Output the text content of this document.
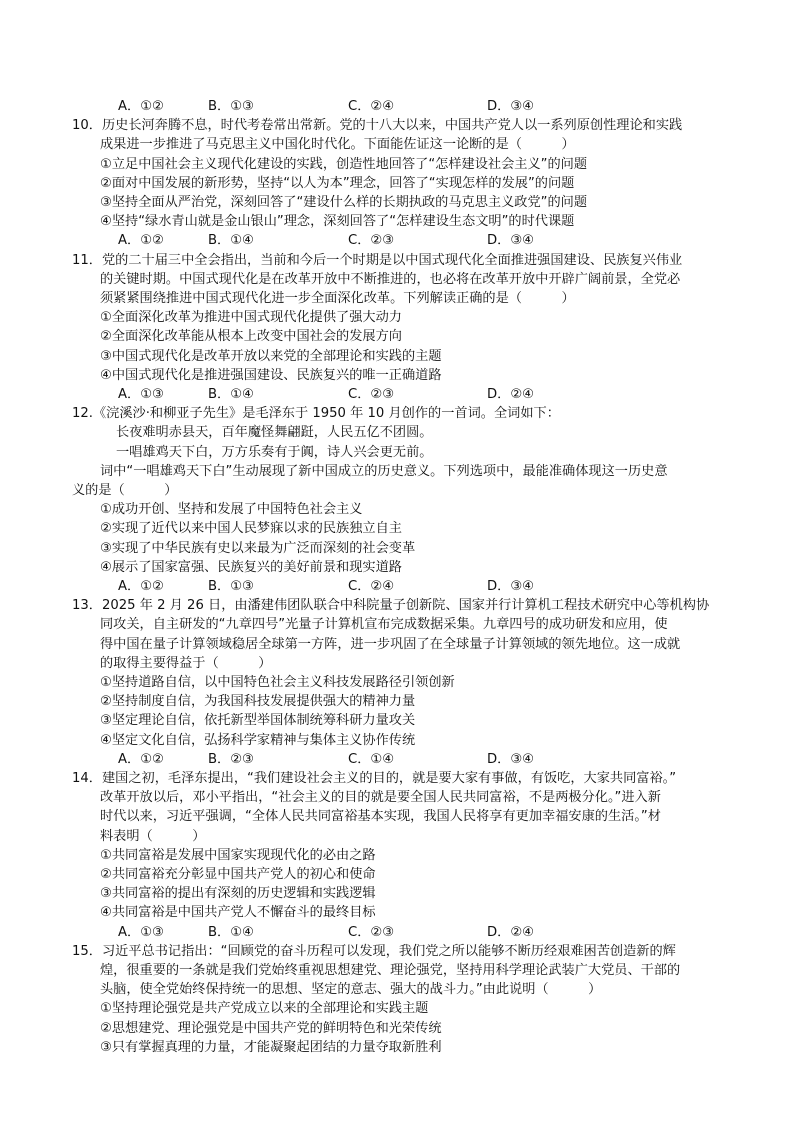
A．①②	B．①③	C．②④	D．③④
10．历史长河奔腾不息，时代考卷常出常新。党的十八大以来，中国共产党人以一系列原创性理论和实践
成果进一步推进了马克思主义中国化时代化。下面能佐证这一论断的是（　　　）
①立足中国社会主义现代化建设的实践，创造性地回答了“怎样建设社会主义”的问题
②面对中国发展的新形势，坚持“以人为本”理念，回答了“实现怎样的发展”的问题
③坚持全面从严治党，深刻回答了“建设什么样的长期执政的马克思主义政党”的问题
④坚持“绿水青山就是金山银山”理念，深刻回答了“怎样建设生态文明”的时代课题
A．①②	B．①④	C．②③	D．③④
11．党的二十届三中全会指出，当前和今后一个时期是以中国式现代化全面推进强国建设、民族复兴伟业
的关键时期。中国式现代化是在改革开放中不断推进的，也必将在改革开放中开辟广阔前景，全党必
须紧紧围绕推进中国式现代化进一步全面深化改革。下列解读正确的是（　　　）
①全面深化改革为推进中国式现代化提供了强大动力
②全面深化改革能从根本上改变中国社会的发展方向
③中国式现代化是改革开放以来党的全部理论和实践的主题
④中国式现代化是推进强国建设、民族复兴的唯一正确道路
A．①③	B．①④	C．②③	D．②④
12.《浣溪沙·和柳亚子先生》是毛泽东于 1950 年 10 月创作的一首词。全词如下：
长夜难明赤县天，百年魔怪舞翩跹，人民五亿不团圆。
一唱雄鸡天下白，万方乐奏有于阗，诗人兴会更无前。
词中“一唱雄鸡天下白”生动展现了新中国成立的历史意义。下列选项中，最能准确体现这一历史意
义的是（　　　）
①成功开创、坚持和发展了中国特色社会主义
②实现了近代以来中国人民梦寐以求的民族独立自主
③实现了中华民族有史以来最为广泛而深刻的社会变革
④展示了国家富强、民族复兴的美好前景和现实道路
A．①②	B．①③	C．②④	D．③④
13．2025 年 2 月 26 日，由潘建伟团队联合中科院量子创新院、国家并行计算机工程技术研究中心等机构协
同攻关，自主研发的“九章四号”光量子计算机宣布完成数据采集。九章四号的成功研发和应用，使
得中国在量子计算领域稳居全球第一方阵，进一步巩固了在全球量子计算领域的领先地位。这一成就
的取得主要得益于（　　　）
①坚持道路自信，以中国特色社会主义科技发展路径引领创新
②坚持制度自信，为我国科技发展提供强大的精神力量
③坚定理论自信，依托新型举国体制统筹科研力量攻关
④坚定文化自信，弘扬科学家精神与集体主义协作传统
A．①②	B．②③	C．①④	D．③④
14．建国之初，毛泽东提出，“我们建设社会主义的目的，就是要大家有事做，有饭吃，大家共同富裕。”
改革开放以后，邓小平指出，“社会主义的目的就是要全国人民共同富裕，不是两极分化。”进入新
时代以来，习近平强调，“全体人民共同富裕基本实现，我国人民将享有更加幸福安康的生活。”材
料表明（　　　）
①共同富裕是发展中国家实现现代化的必由之路
②共同富裕充分彰显中国共产党人的初心和使命
③共同富裕的提出有深刻的历史逻辑和实践逻辑
④共同富裕是中国共产党人不懈奋斗的最终目标
A．①③	B．①④	C．②③	D．②④
15．习近平总书记指出：“回顾党的奋斗历程可以发现，我们党之所以能够不断历经艰难困苦创造新的辉
煌，很重要的一条就是我们党始终重视思想建党、理论强党，坚持用科学理论武装广大党员、干部的
头脑，使全党始终保持统一的思想、坚定的意志、强大的战斗力。”由此说明（　　　）
①坚持理论强党是共产党成立以来的全部理论和实践主题
②思想建党、理论强党是中国共产党的鲜明特色和光荣传统
③只有掌握真理的力量，才能凝聚起团结的力量夺取新胜利
